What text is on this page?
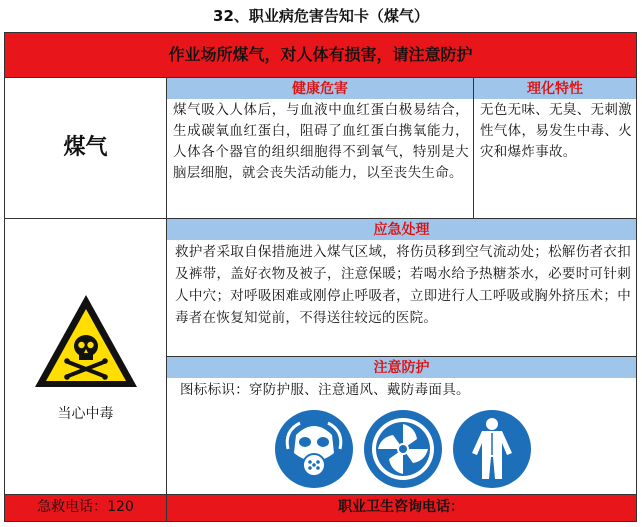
32、职业病危害告知卡（煤气）
作业场所煤气，对人体有损害，请注意防护
煤气
健康危害
煤气吸入人体后，与血液中血红蛋白极易结合，生成碳氧血红蛋白，阻碍了血红蛋白携氧能力，人体各个器官的组织细胞得不到氧气，特别是大脑层细胞，就会丧失活动能力，以至丧失生命。
理化特性
无色无味、无臭、无刺激性气体，易发生中毒、火灾和爆炸事故。
当心中毒
应急处理
救护者采取自保措施进入煤气区域，将伤员移到空气流动处；松解伤者衣扣及裤带，盖好衣物及被子，注意保暖；若喝水给予热糖茶水，必要时可针刺人中穴；对呼吸困难或刚停止呼吸者，立即进行人工呼吸或胸外挤压术；中毒者在恢复知觉前，不得送往较远的医院。
注意防护
图标标识：穿防护服、注意通风、戴防毒面具。
急救电话：120	职业卫生咨询电话：
